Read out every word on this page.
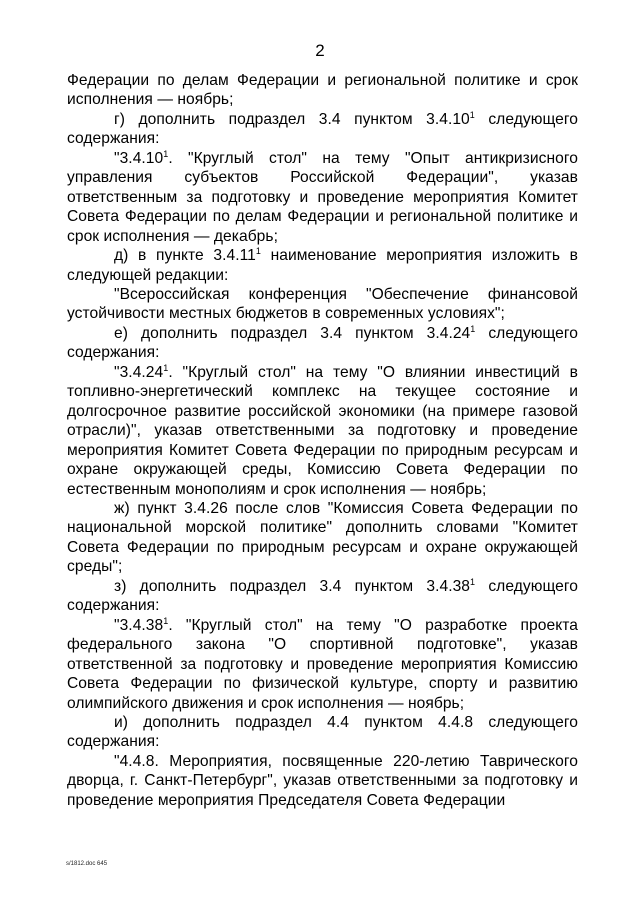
2

Федерации по делам Федерации и региональной политике и срок исполнения — ноябрь;

г) дополнить подраздел 3.4 пунктом 3.4.10$^1$ следующего содержания:

"3.4.10$^1$. "Круглый стол" на тему "Опыт антикризисного управления субъектов Российской Федерации", указав ответственным за подготовку и проведение мероприятия Комитет Совета Федерации по делам Федерации и региональной политике и срок исполнения — декабрь;

д) в пункте 3.4.11$^1$ наименование мероприятия изложить в следующей редакции:

"Всероссийская конференция "Обеспечение финансовой устойчивости местных бюджетов в современных условиях";

е) дополнить подраздел 3.4 пунктом 3.4.24$^1$ следующего содержания:

"3.4.24$^1$. "Круглый стол" на тему "О влиянии инвестиций в топливно-энергетический комплекс на текущее состояние и долгосрочное развитие российской экономики (на примере газовой отрасли)", указав ответственными за подготовку и проведение мероприятия Комитет Совета Федерации по природным ресурсам и охране окружающей среды, Комиссию Совета Федерации по естественным монополиям и срок исполнения — ноябрь;

ж) пункт 3.4.26 после слов "Комиссия Совета Федерации по национальной морской политике" дополнить словами "Комитет Совета Федерации по природным ресурсам и охране окружающей среды";

з) дополнить подраздел 3.4 пунктом 3.4.38$^1$ следующего содержания:

"3.4.38$^1$. "Круглый стол" на тему "О разработке проекта федерального закона "О спортивной подготовке", указав ответственной за подготовку и проведение мероприятия Комиссию Совета Федерации по физической культуре, спорту и развитию олимпийского движения и срок исполнения — ноябрь;

и) дополнить подраздел 4.4 пунктом 4.4.8 следующего содержания:

"4.4.8. Мероприятия, посвященные 220-летию Таврического дворца, г. Санкт-Петербург", указав ответственными за подготовку и проведение мероприятия Председателя Совета Федерации

s/1812.doc 645
